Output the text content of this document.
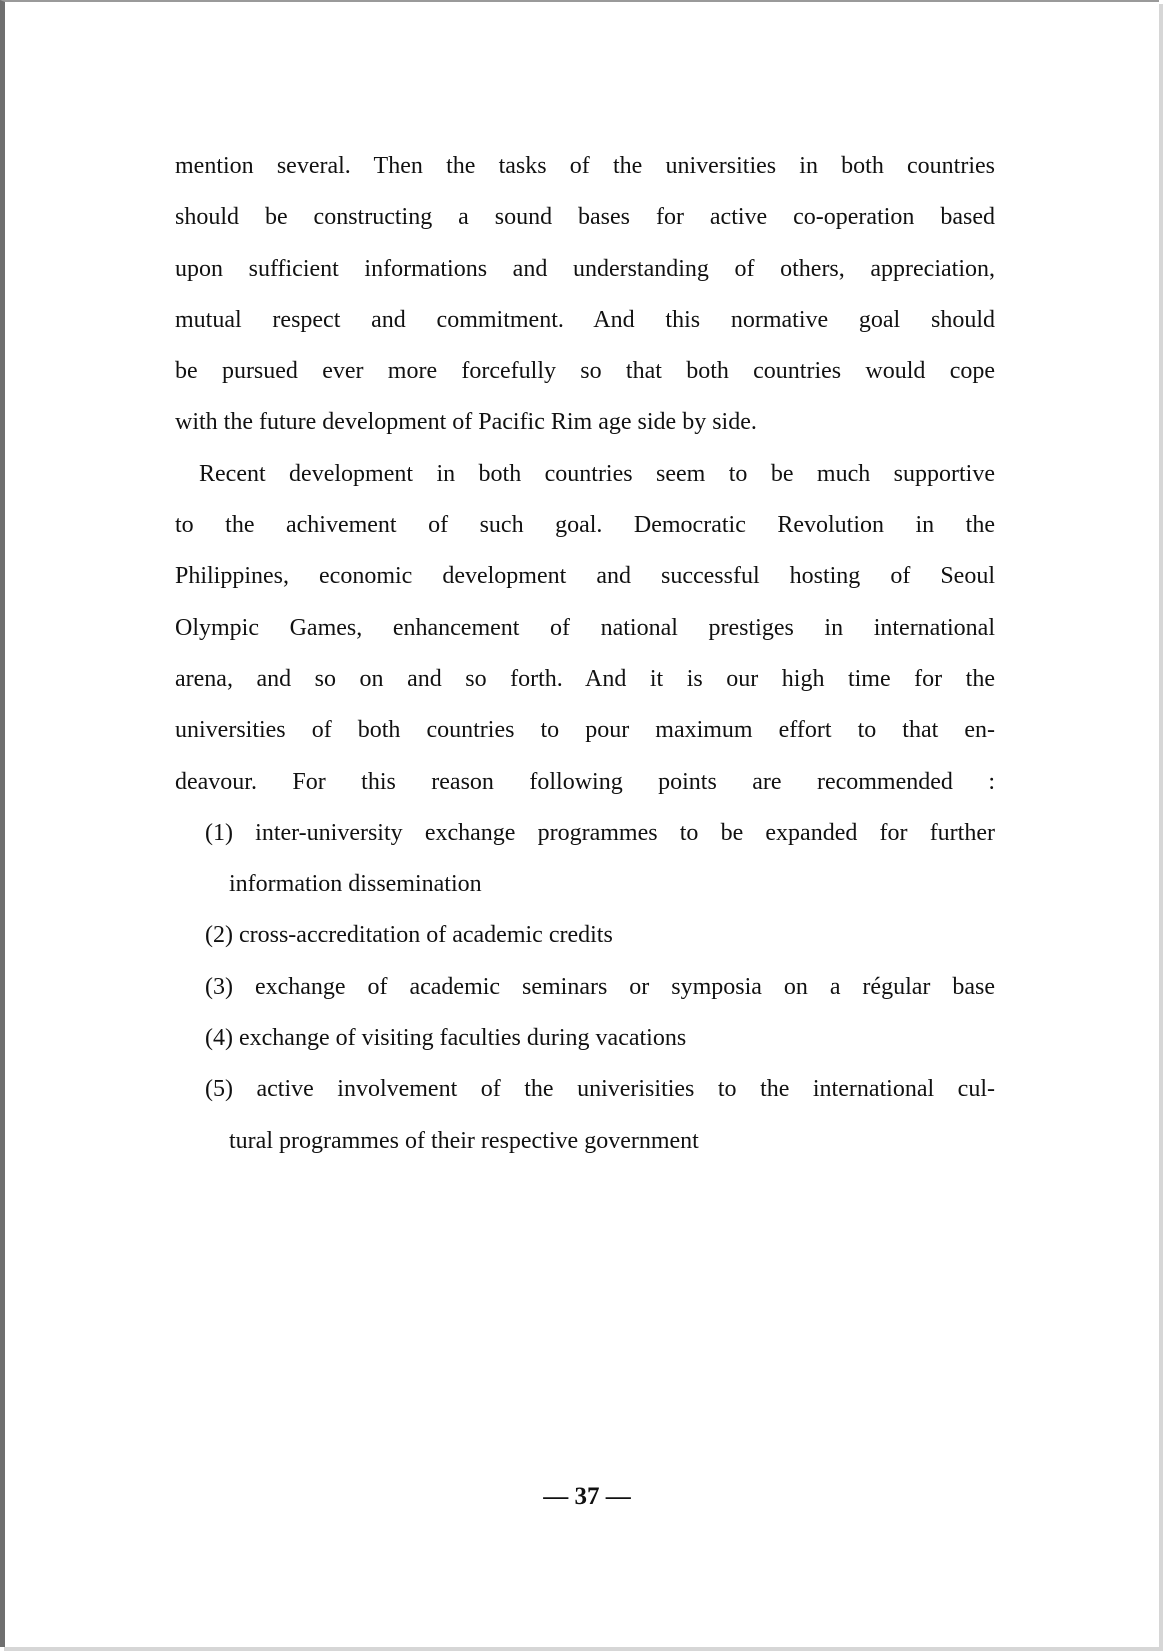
mention several. Then the tasks of the universities in both countries
should be constructing a sound bases for active co-operation based
upon sufficient informations and understanding of others, appreciation,
mutual respect and commitment. And this normative goal should
be pursued ever more forcefully so that both countries would cope
with the future development of Pacific Rim age side by side.
Recent development in both countries seem to be much supportive
to the achivement of such goal. Democratic Revolution in the
Philippines, economic development and successful hosting of Seoul
Olympic Games, enhancement of national prestiges in international
arena, and so on and so forth. And it is our high time for the
universities of both countries to pour maximum effort to that en-
deavour. For this reason following points are recommended :
(1) inter-university exchange programmes to be expanded for further
information dissemination
(2) cross-accreditation of academic credits
(3) exchange of academic seminars or symposia on a régular base
(4) exchange of visiting faculties during vacations
(5) active involvement of the univerisities to the international cul-
tural programmes of their respective government
— 37 —
